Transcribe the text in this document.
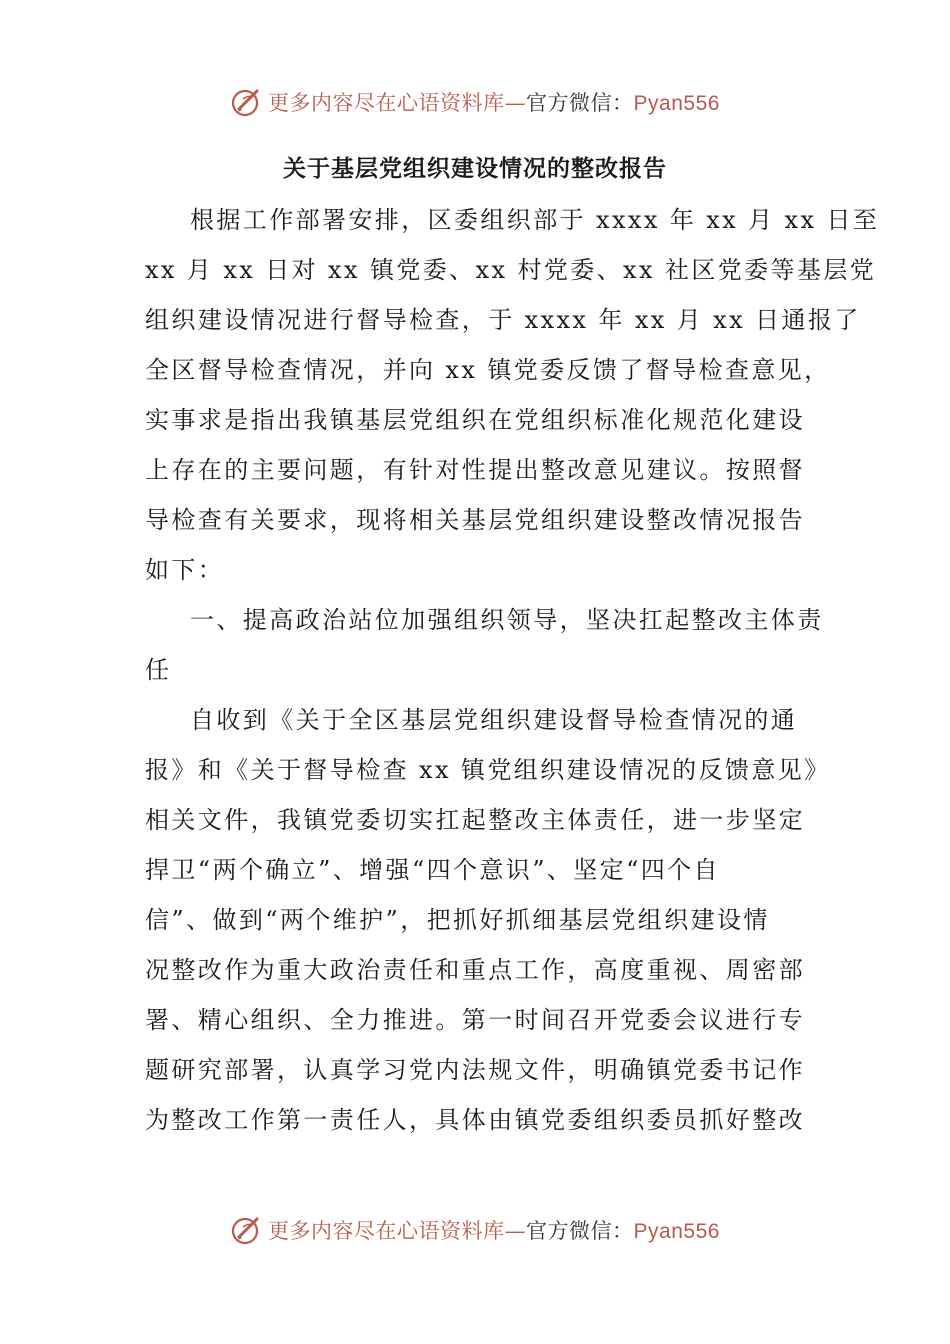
更多内容尽在心语资料库—官方微信：Pyan556
关于基层党组织建设情况的整改报告
根据工作部署安排，区委组织部于 xxxx 年 xx 月 xx 日至
xx 月 xx 日对 xx 镇党委、xx 村党委、xx 社区党委等基层党
组织建设情况进行督导检查，于 xxxx 年 xx 月 xx 日通报了
全区督导检查情况，并向 xx 镇党委反馈了督导检查意见，
实事求是指出我镇基层党组织在党组织标准化规范化建设
上存在的主要问题，有针对性提出整改意见建议。按照督
导检查有关要求，现将相关基层党组织建设整改情况报告
如下：
一、提高政治站位加强组织领导，坚决扛起整改主体责
任
自收到《关于全区基层党组织建设督导检查情况的通
报》和《关于督导检查 xx 镇党组织建设情况的反馈意见》
相关文件，我镇党委切实扛起整改主体责任，进一步坚定
捍卫“两个确立”、增强“四个意识”、坚定“四个自
信”、做到“两个维护”，把抓好抓细基层党组织建设情
况整改作为重大政治责任和重点工作，高度重视、周密部
署、精心组织、全力推进。第一时间召开党委会议进行专
题研究部署，认真学习党内法规文件，明确镇党委书记作
为整改工作第一责任人，具体由镇党委组织委员抓好整改
更多内容尽在心语资料库—官方微信：Pyan556
